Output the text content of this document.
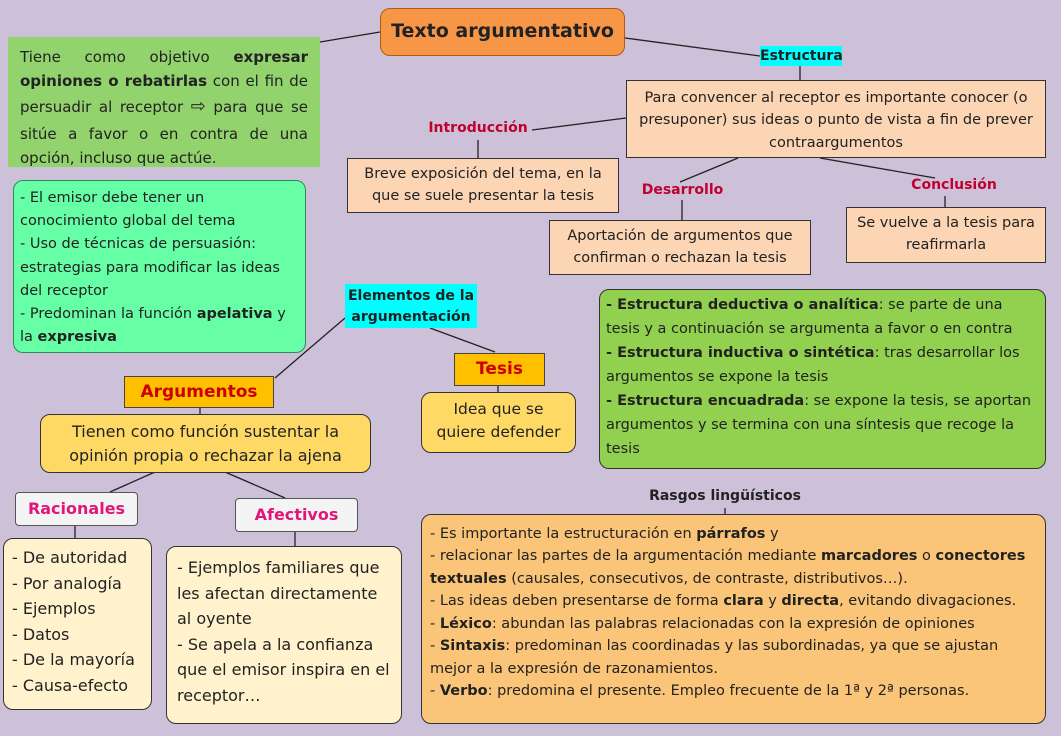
Texto argumentativo
Tiene como objetivo expresar opiniones o rebatirlas con el fin de persuadir al receptor ⇨ para que se sitúe a favor o en contra de una opción, incluso que actúe.
- El emisor debe tener un conocimiento global del tema
- Uso de técnicas de persuasión: estrategias para modificar las ideas del receptor
- Predominan la función apelativa y la expresiva
Estructura
Para convencer al receptor es importante conocer (o presuponer) sus ideas o punto de vista a fin de prever contraargumentos
Introducción
Breve exposición del tema, en la que se suele presentar la tesis	Desarrollo
Aportación de argumentos que confirman o rechazan la tesis
Conclusión
Se vuelve a la tesis para reafirmarla
Elementos de la argumentación
Tesis
Idea que se quiere defender
Argumentos
Tienen como función sustentar la opinión propia o rechazar la ajena
Racionales
- De autoridad
- Por analogía
- Ejemplos
- Datos
- De la mayoría
- Causa-efecto
Afectivos
- Ejemplos familiares que les afectan directamente al oyente
- Se apela a la confianza que el emisor inspira en el receptor…
- Estructura deductiva o analítica: se parte de una tesis y a continuación se argumenta a favor o en contra
- Estructura inductiva o sintética: tras desarrollar los argumentos se expone la tesis
- Estructura encuadrada: se expone la tesis, se aportan argumentos y se termina con una síntesis que recoge la tesis
Rasgos lingüísticos
- Es importante la estructuración en párrafos y
- relacionar las partes de la argumentación mediante marcadores o conectores textuales (causales, consecutivos, de contraste, distributivos…).
- Las ideas deben presentarse de forma clara y directa, evitando divagaciones.
- Léxico: abundan las palabras relacionadas con la expresión de opiniones
- Sintaxis: predominan las coordinadas y las subordinadas, ya que se ajustan mejor a la expresión de razonamientos.
- Verbo: predomina el presente. Empleo frecuente de la 1ª y 2ª personas.
